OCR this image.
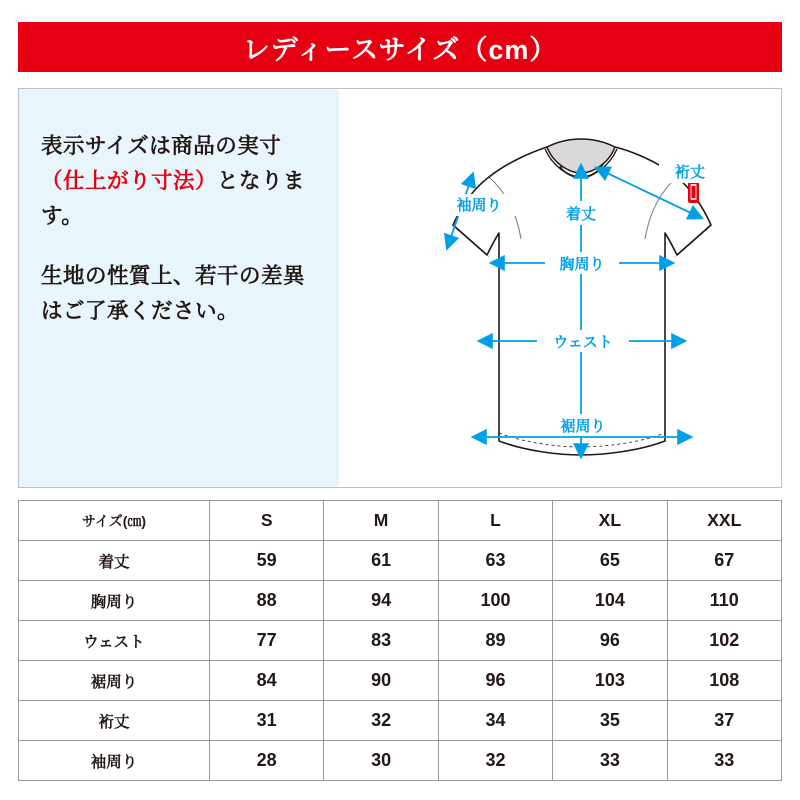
レディースサイズ（cm）

表示サイズは商品の実寸（仕上がり寸法）となります。

生地の性質上、若干の差異はご了承ください。

袖周り
裄丈
着丈
胸周り
ウェスト
裾周り
サイズ(㎝)	S	M	L	XL	XXL
着丈	59	61	63	65	67
胸周り	88	94	100	104	110
ウェスト	77	83	89	96	102
裾周り	84	90	96	103	108
裄丈	31	32	34	35	37
袖周り	28	30	32	33	33
